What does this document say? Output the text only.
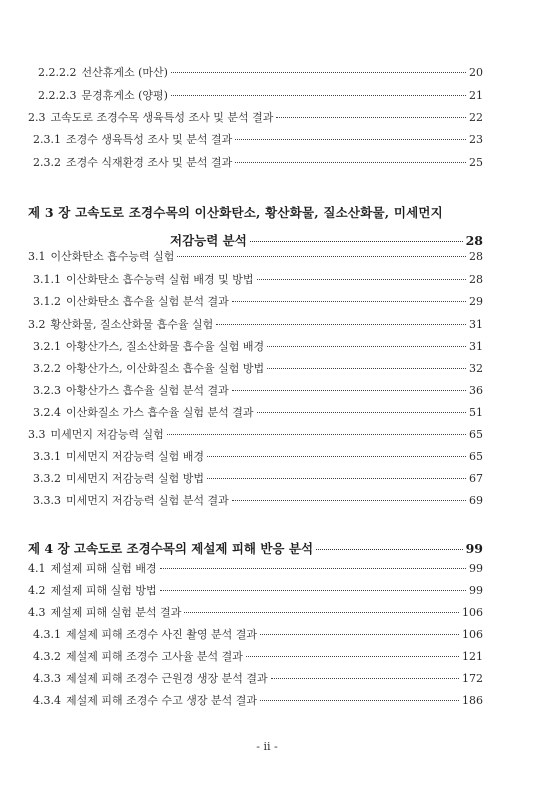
2.2.2.2 선산휴게소 (마산)	20
2.2.2.3 문경휴게소 (양평)	21
2.3 고속도로 조경수목 생육특성 조사 및 분석 결과	22
2.3.1 조경수 생육특성 조사 및 분석 결과	23
2.3.2 조경수 식재환경 조사 및 분석 결과	25
제 3 장 고속도로 조경수목의 이산화탄소, 황산화물, 질소산화물, 미세먼지
저감능력 분석	28
3.1 이산화탄소 흡수능력 실험	28
3.1.1 이산화탄소 흡수능력 실험 배경 및 방법	28
3.1.2 이산화탄소 흡수율 실험 분석 결과	29
3.2 황산화물, 질소산화물 흡수율 실험	31
3.2.1 아황산가스, 질소산화물 흡수율 실험 배경	31
3.2.2 아황산가스, 이산화질소 흡수율 실험 방법	32
3.2.3 아황산가스 흡수율 실험 분석 결과	36
3.2.4 이산화질소 가스 흡수율 실험 분석 결과	51
3.3 미세먼지 저감능력 실험	65
3.3.1 미세먼지 저감능력 실험 배경	65
3.3.2 미세먼지 저감능력 실험 방법	67
3.3.3 미세먼지 저감능력 실험 분석 결과	69
제 4 장 고속도로 조경수목의 제설제 피해 반응 분석	99
4.1 제설제 피해 실험 배경	99
4.2 제설제 피해 실험 방법	99
4.3 제설제 피해 실험 분석 결과	106
4.3.1 제설제 피해 조경수 사진 촬영 분석 결과	106
4.3.2 제설제 피해 조경수 고사율 분석 결과	121
4.3.3 제설제 피해 조경수 근원경 생장 분석 결과	172
4.3.4 제설제 피해 조경수 수고 생장 분석 결과	186
- ii -
